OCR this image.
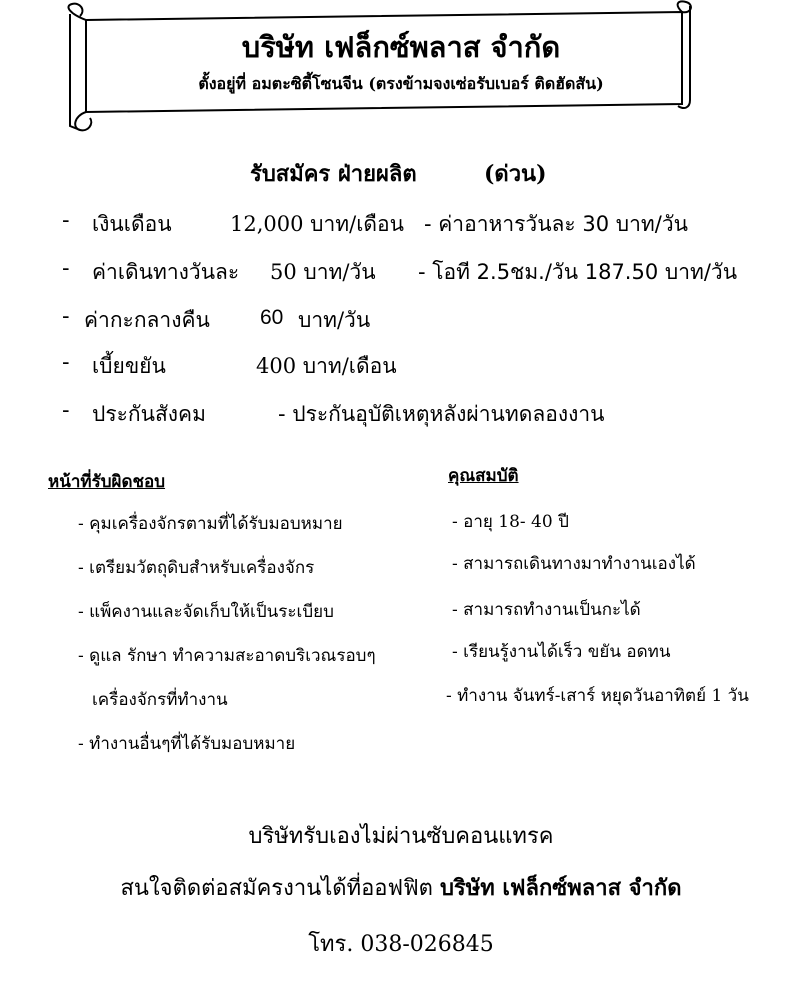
บริษัท เฟล็กซ์พลาส จำกัด
ตั้งอยู่ที่ อมตะซิตี้โซนจีน (ตรงข้ามจงเซ่อรับเบอร์ ติดฮัดสัน)
รับสมัคร ฝ่ายผลิต	(ด่วน)
- เงินเดือน	12,000 บาท/เดือน - ค่าอาหารวันละ 30 บาท/วัน
- ค่าเดินทางวันละ 50 บาท/วัน - โอที 2.5ชม./วัน 187.50 บาท/วัน
- ค่ากะกลางคืน 60 บาท/วัน
- เบี้ยขยัน	400 บาท/เดือน
- ประกันสังคม	- ประกันอุบัติเหตุหลังผ่านทดลองงาน
หน้าที่รับผิดชอบ
- คุมเครื่องจักรตามที่ได้รับมอบหมาย
- เตรียมวัตถุดิบสำหรับเครื่องจักร
- แพ็คงานและจัดเก็บให้เป็นระเบียบ
- ดูแล รักษา ทำความสะอาดบริเวณรอบๆ
เครื่องจักรที่ทำงาน
- ทำงานอื่นๆที่ได้รับมอบหมาย
คุณสมบัติ
- อายุ 18- 40 ปี
- สามารถเดินทางมาทำงานเองได้
- สามารถทำงานเป็นกะได้
- เรียนรู้งานได้เร็ว ขยัน อดทน
- ทำงาน จันทร์-เสาร์ หยุดวันอาทิตย์ 1 วัน
บริษัทรับเองไม่ผ่านซับคอนแทรค
สนใจติดต่อสมัครงานได้ที่ออฟฟิต บริษัท เฟล็กซ์พลาส จำกัด
โทร. 038-026845
